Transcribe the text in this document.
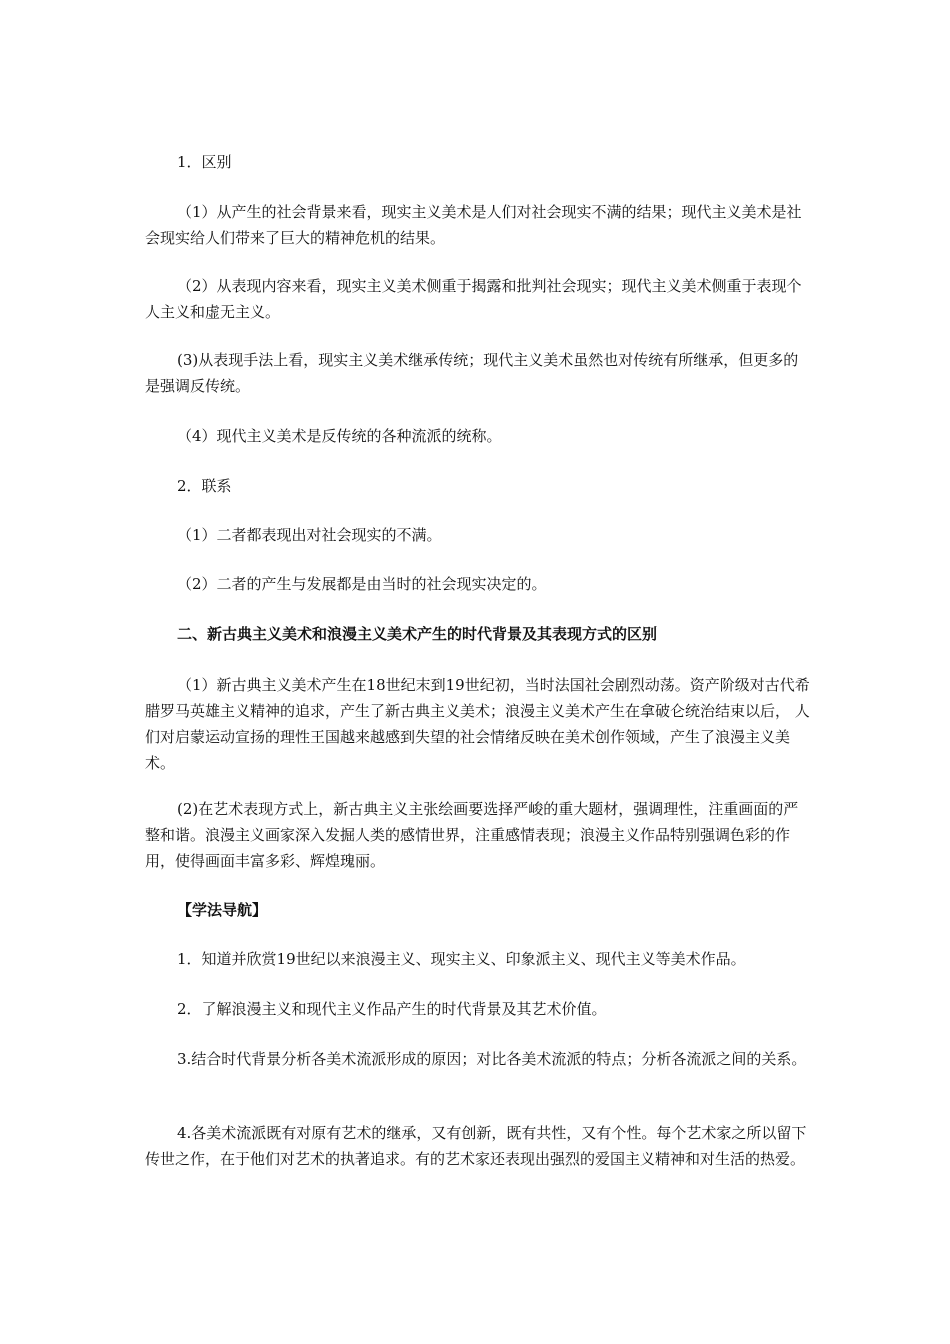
1．区别

（1）从产生的社会背景来看，现实主义美术是人们对社会现实不满的结果；现代主义美术是社会现实给人们带来了巨大的精神危机的结果。

（2）从表现内容来看，现实主义美术侧重于揭露和批判社会现实；现代主义美术侧重于表现个人主义和虚无主义。

(3)从表现手法上看，现实主义美术继承传统；现代主义美术虽然也对传统有所继承，但更多的是强调反传统。

（4）现代主义美术是反传统的各种流派的统称。

2．联系

（1）二者都表现出对社会现实的不满。

（2）二者的产生与发展都是由当时的社会现实决定的。

二、新古典主义美术和浪漫主义美术产生的时代背景及其表现方式的区别

（1）新古典主义美术产生在18世纪末到19世纪初，当时法国社会剧烈动荡。资产阶级对古代希腊罗马英雄主义精神的追求，产生了新古典主义美术；浪漫主义美术产生在拿破仑统治结束以后， 人们对启蒙运动宣扬的理性王国越来越感到失望的社会情绪反映在美术创作领域，产生了浪漫主义美术。

(2)在艺术表现方式上，新古典主义主张绘画要选择严峻的重大题材，强调理性，注重画面的严整和谐。浪漫主义画家深入发掘人类的感情世界，注重感情表现；浪漫主义作品特别强调色彩的作用，使得画面丰富多彩、辉煌瑰丽。

【学法导航】

1．知道并欣赏19世纪以来浪漫主义、现实主义、印象派主义、现代主义等美术作品。

2．了解浪漫主义和现代主义作品产生的时代背景及其艺术价值。

3.结合时代背景分析各美术流派形成的原因；对比各美术流派的特点；分析各流派之间的关系。

4.各美术流派既有对原有艺术的继承，又有创新，既有共性，又有个性。每个艺术家之所以留下传世之作，在于他们对艺术的执著追求。有的艺术家还表现出强烈的爱国主义精神和对生活的热爱。
